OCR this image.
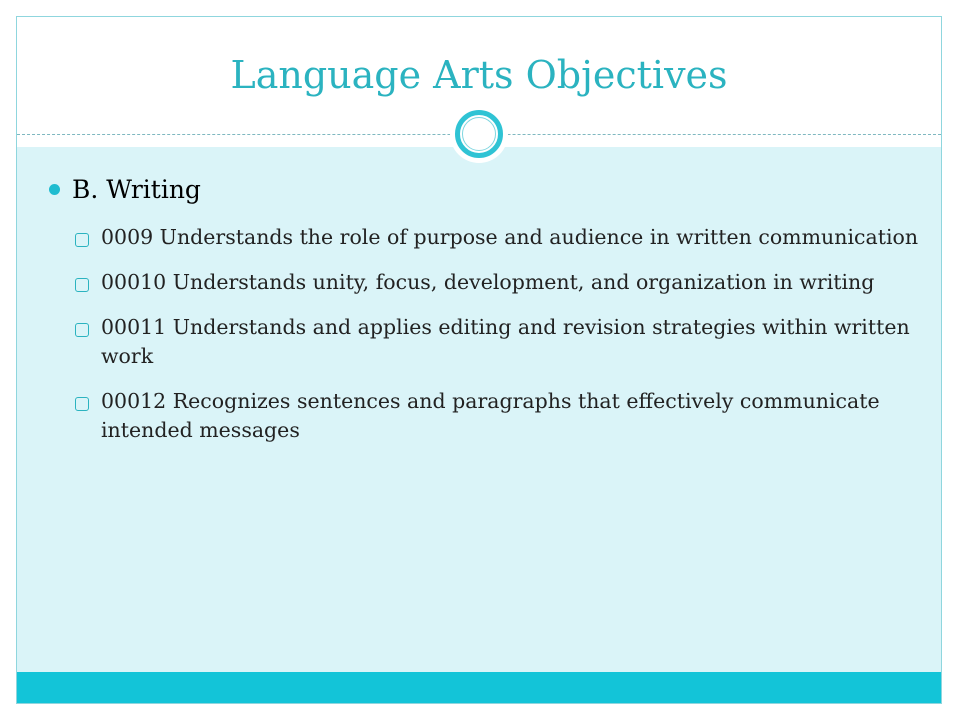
Language Arts Objectives
B. Writing
0009 Understands the role of purpose and audience in written communication
00010 Understands unity, focus, development, and organization in writing
00011 Understands and applies editing and revision strategies within written work
00012 Recognizes sentences and paragraphs that effectively communicate intended messages
